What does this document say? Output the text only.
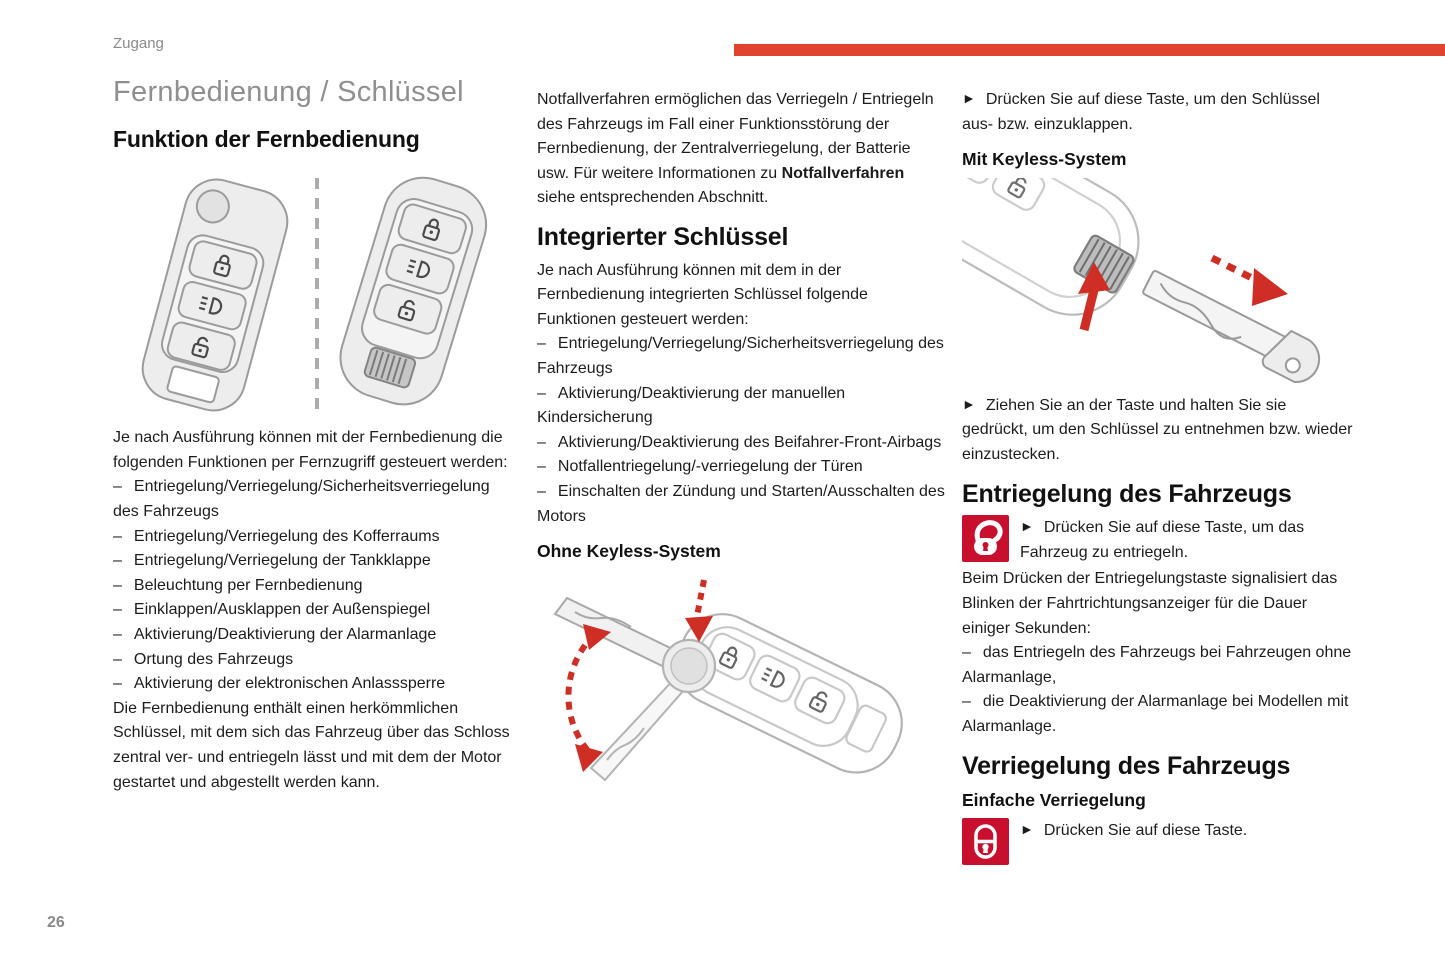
Zugang
Fernbedienung / Schlüssel
Funktion der Fernbedienung

Je nach Ausführung können mit der Fernbedienung die folgenden Funktionen per Fernzugriff gesteuert werden:

– Entriegelung/Verriegelung/Sicherheitsverriegelung des Fahrzeugs
– Entriegelung/Verriegelung des Kofferraums
– Entriegelung/Verriegelung der Tankklappe
– Beleuchtung per Fernbedienung
– Einklappen/Ausklappen der Außenspiegel
– Aktivierung/Deaktivierung der Alarmanlage
– Ortung des Fahrzeugs
– Aktivierung der elektronischen Anlasssperre

Die Fernbedienung enthält einen herkömmlichen Schlüssel, mit dem sich das Fahrzeug über das Schloss zentral ver- und entriegeln lässt und mit dem der Motor gestartet und abgestellt werden kann.

Notfallverfahren ermöglichen das Verriegeln / Entriegeln des Fahrzeugs im Fall einer Funktionsstörung der Fernbedienung, der Zentralverriegelung, der Batterie usw. Für weitere Informationen zu Notfallverfahren siehe entsprechenden Abschnitt.

Integrierter Schlüssel

Je nach Ausführung können mit dem in der Fernbedienung integrierten Schlüssel folgende Funktionen gesteuert werden:

– Entriegelung/Verriegelung/Sicherheitsverriegelung des Fahrzeugs
– Aktivierung/Deaktivierung der manuellen Kindersicherung
– Aktivierung/Deaktivierung des Beifahrer-Front-Airbags
– Notfallentriegelung/-verriegelung der Türen
– Einschalten der Zündung und Starten/Ausschalten des Motors
Ohne Keyless-System

► Drücken Sie auf diese Taste, um den Schlüssel aus- bzw. einzuklappen.

Mit Keyless-System

► Ziehen Sie an der Taste und halten Sie sie gedrückt, um den Schlüssel zu entnehmen bzw. wieder einzustecken.

Entriegelung des Fahrzeugs

► Drücken Sie auf diese Taste, um das Fahrzeug zu entriegeln.

Beim Drücken der Entriegelungstaste signalisiert das Blinken der Fahrtrichtungsanzeiger für die Dauer einiger Sekunden:

– das Entriegeln des Fahrzeugs bei Fahrzeugen ohne Alarmanlage,
– die Deaktivierung der Alarmanlage bei Modellen mit Alarmanlage.
Verriegelung des Fahrzeugs
Einfache Verriegelung

► Drücken Sie auf diese Taste.

26
